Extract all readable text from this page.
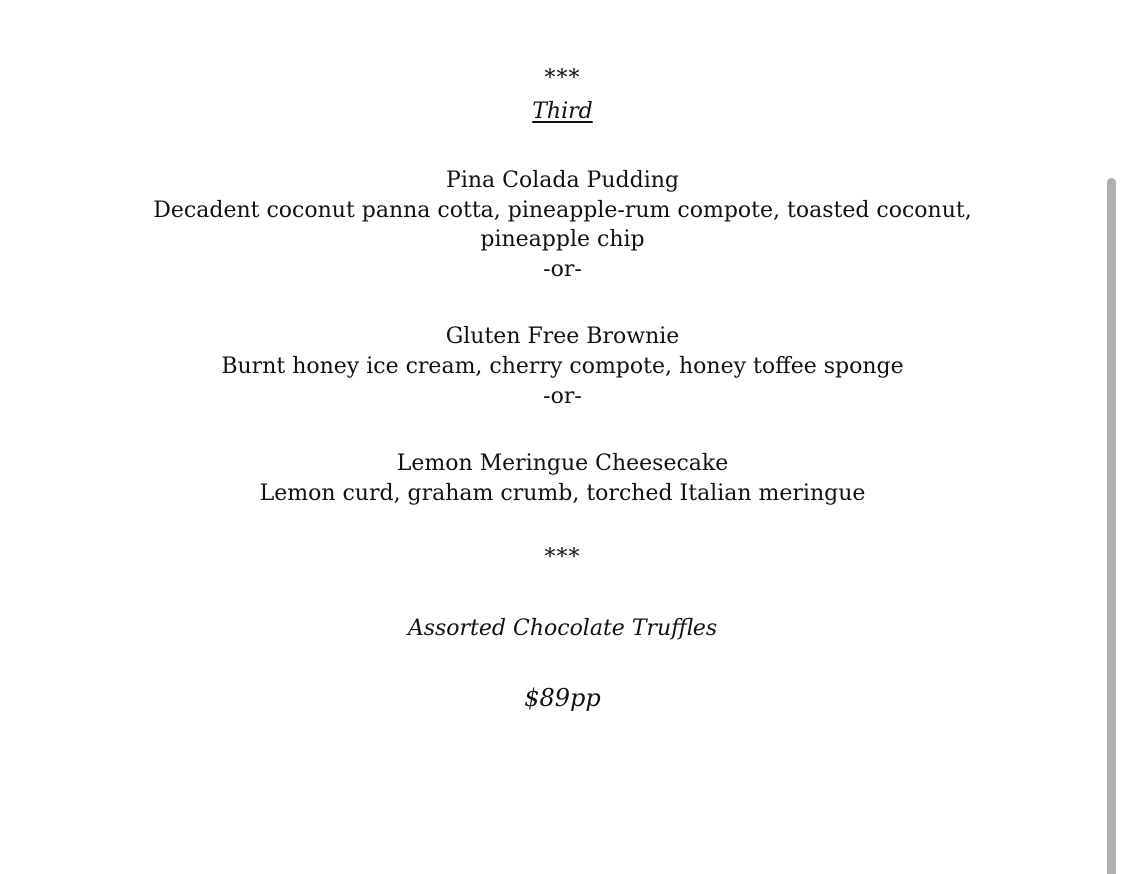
***
Third
Pina Colada Pudding
Decadent coconut panna cotta, pineapple-rum compote, toasted coconut,
pineapple chip
-or-
Gluten Free Brownie
Burnt honey ice cream, cherry compote, honey toffee sponge
-or-
Lemon Meringue Cheesecake
Lemon curd, graham crumb, torched Italian meringue
***
Assorted Chocolate Truffles
$89pp
